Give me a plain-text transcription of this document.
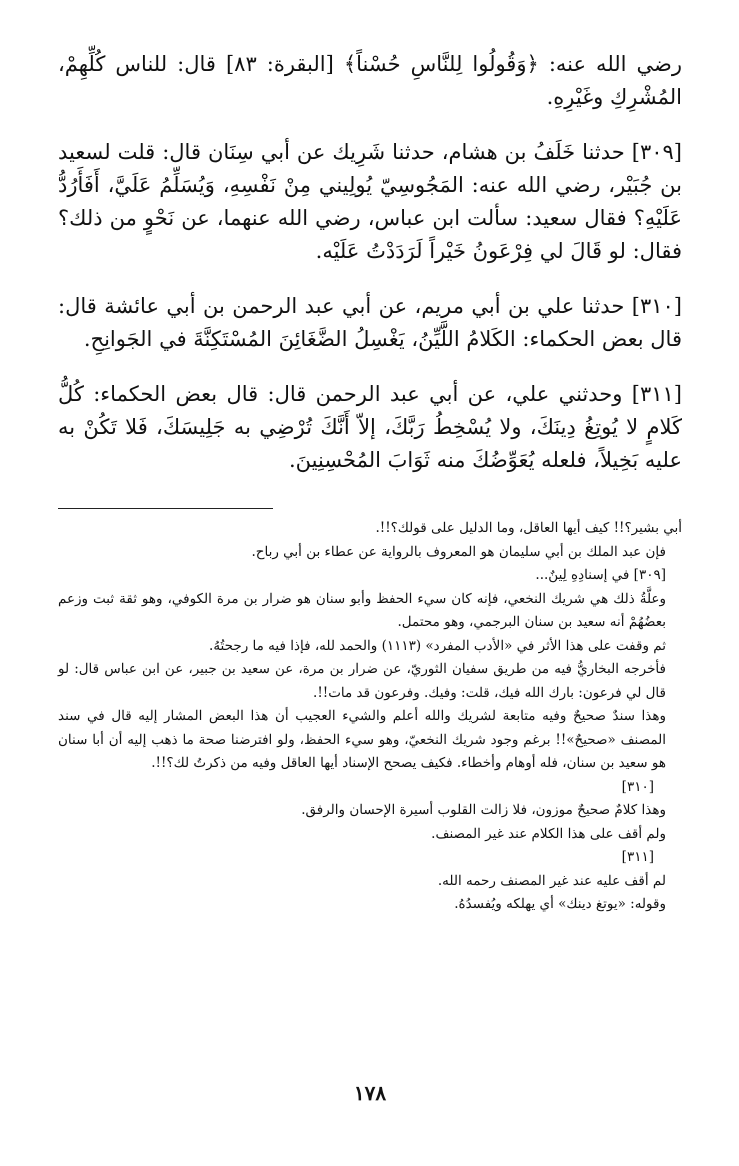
رضي الله عنه: ﴿وَقُولُوا لِلنَّاسِ حُسْناً﴾ [البقرة: ٨٣] قال: للناس كُلِّهِمْ، المُشْرِكِ وغَيْرِهِ.

[٣٠٩] حدثنا خَلَفُ بن هشام، حدثنا شَرِيك عن أبي سِنَان قال: قلت لسعيد بن جُبَيْر، رضي الله عنه: المَجُوسِيّ يُولِيني مِنْ نَفْسِهِ، وَيُسَلِّمُ عَلَيَّ، أَفَأَرُدُّ عَلَيْهِ؟ فقال سعيد: سألت ابن عباس، رضي الله عنهما، عن نَحْوٍ من ذلك؟ فقال: لو قَالَ لي فِرْعَونُ خَيْراً لَرَدَدْتُ عَلَيْه.

[٣١٠] حدثنا علي بن أبي مريم، عن أبي عبد الرحمن بن أبي عائشة قال: قال بعض الحكماء: الكَلامُ اللَّيِّنُ، يَغْسِلُ الضَّغَائِنَ المُسْتَكِنَّةَ في الجَوانِحِ.

[٣١١] وحدثني علي، عن أبي عبد الرحمن قال: قال بعض الحكماء: كُلُّ كَلامٍ لا يُوتِغُ دِينَكَ، ولا يُسْخِطُ رَبَّكَ، إلاّ أَنَّكَ تُرْضِي به جَلِيسَكَ، فَلا تَكُنْ به عليه بَخِيلاً، فلعله يُعَوِّضُكَ منه ثَوَابَ المُحْسِنِينَ.

أبي بشير؟!! كيف أيها العاقل، وما الدليل على قولك؟!!.

فإن عبد الملك بن أبي سليمان هو المعروف بالرواية عن عطاء بن أبي رباح.

[٣٠٩] في إسنادِهِ لِينٌ...

وعلَّةُ ذلك هي شريك النخعي، فإنه كان سيء الحفظ وأبو سنان هو ضرار بن مرة الكوفي، وهو ثقة ثبت وزعم بعضُهُمْ أنه سعيد بن سنان البرجمي، وهو محتمل.

ثم وقفت على هذا الأثر في «الأدب المفرد» (١١١٣) والحمد لله، فإذا فيه ما رجحتُهُ.

فأخرجه البخاريُّ فيه من طريق سفيان الثوريّ، عن ضرار بن مرة، عن سعيد بن جبير، عن ابن عباس قال: لو قال لي فرعون: بارك الله فيك، قلت: وفيك. وفرعون قد مات!!.

وهذا سندٌ صحيحٌ وفيه متابعة لشريك والله أعلم والشيء العجيب أن هذا البعض المشار إليه قال في سند المصنف «صحيحٌ»!! برغم وجود شريك النخعيّ، وهو سيء الحفظ، ولو افترضنا صحة ما ذهب إليه أن أبا سنان هو سعيد بن سنان، فله أوهام وأخطاء. فكيف يصحح الإسناد أيها العاقل وفيه من ذكرتُ لك؟!!.

[٣١٠]

وهذا كلامٌ صحيحٌ موزون، فلا زالت القلوب أسيرة الإحسان والرفق.

ولم أقف على هذا الكلام عند غير المصنف.

[٣١١]

لم أقف عليه عند غير المصنف رحمه الله.

وقوله: «يوتغ دينك» أي يهلكه ويُفسدُهُ.

١٧٨
